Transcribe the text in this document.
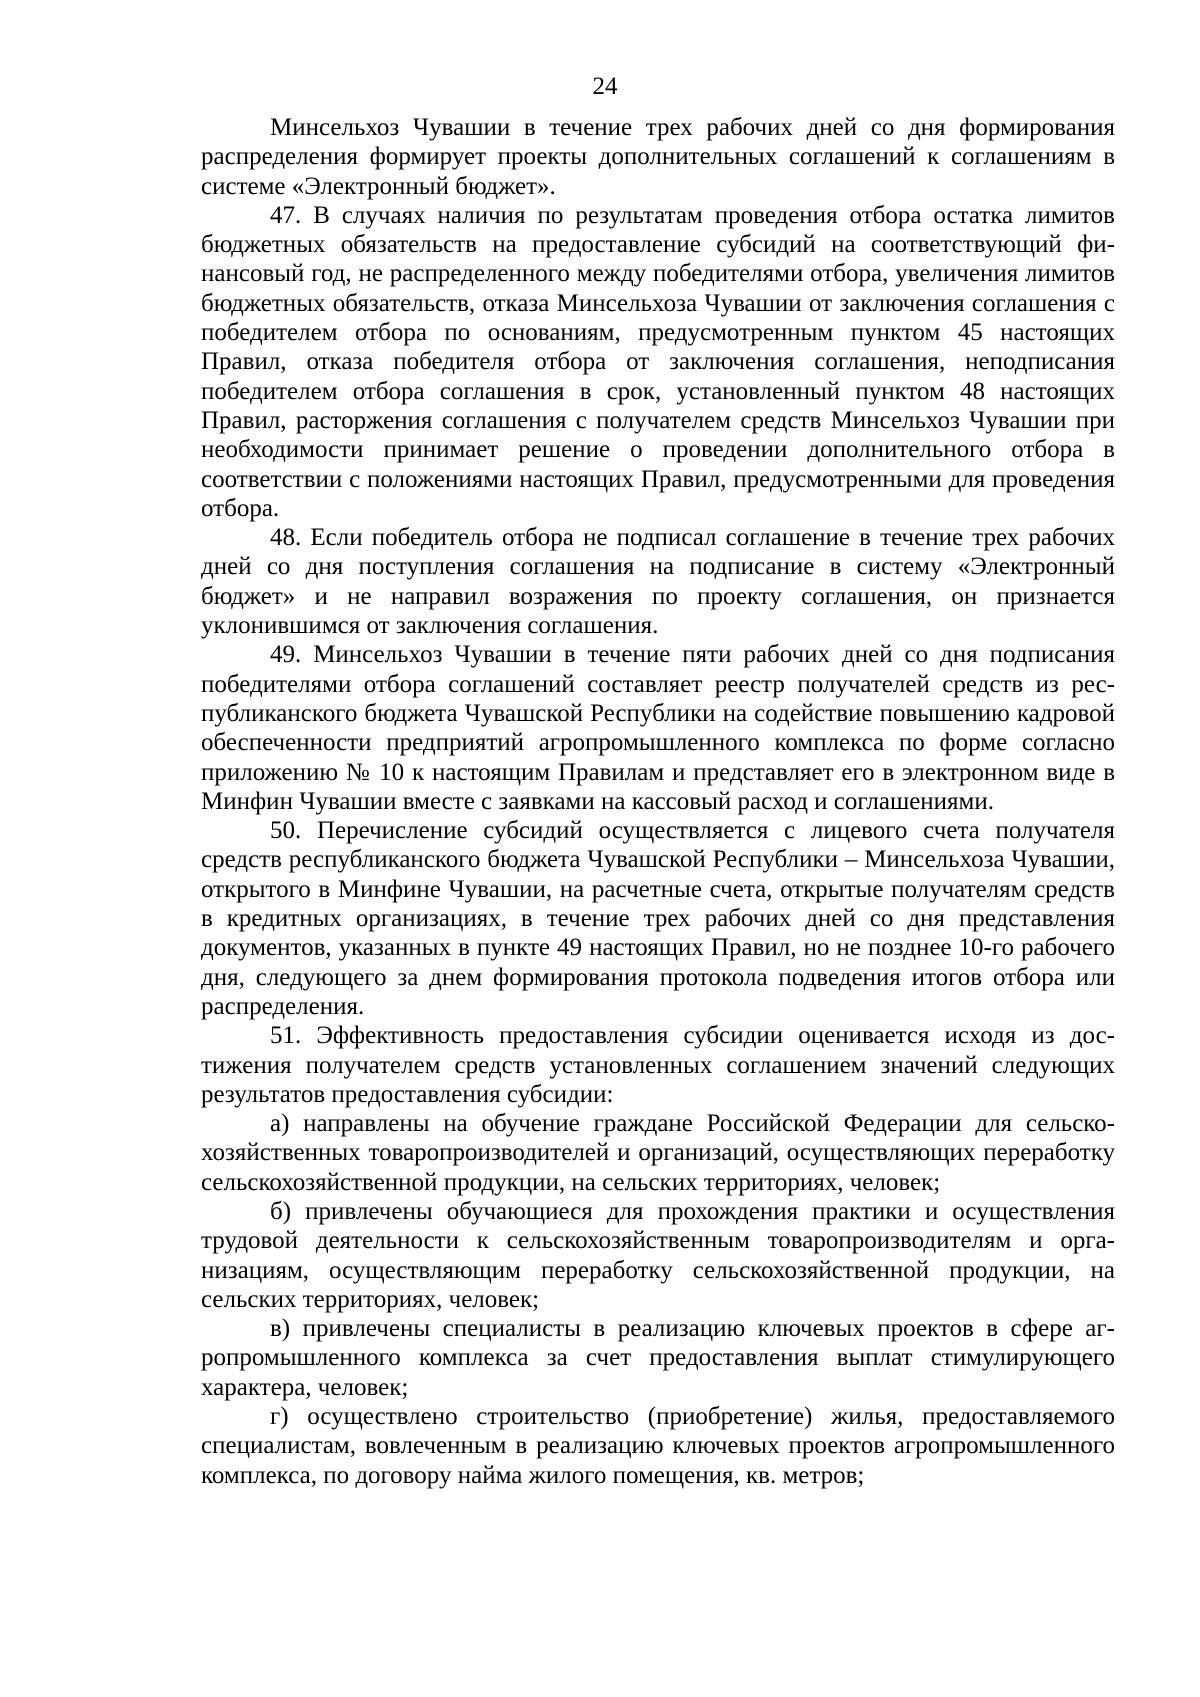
24

Минсельхоз Чувашии в течение трех рабочих дней со дня формирования распределения формирует проекты дополнительных соглашений к соглашениям в системе «Электронный бюджет».

47. В случаях наличия по результатам проведения отбора остатка лимитов бюджетных обязательств на предоставление субсидий на соответствующий финансовый год, не распределенного между победителями отбора, увеличения лимитов бюджетных обязательств, отказа Минсельхоза Чувашии от заключения соглашения с победителем отбора по основаниям, предусмотренным пунктом 45 настоящих Правил, отказа победителя отбора от заключения соглашения, неподписания победителем отбора соглашения в срок, установленный пунктом 48 настоящих Правил, расторжения соглашения с получателем средств Минсельхоз Чувашии при необходимости принимает решение о проведении дополнительного отбора в соответствии с положениями настоящих Правил, предусмотренными для проведения отбора.

48. Если победитель отбора не подписал соглашение в течение трех рабочих дней со дня поступления соглашения на подписание в систему «Электронный бюджет» и не направил возражения по проекту соглашения, он признается уклонившимся от заключения соглашения.

49. Минсельхоз Чувашии в течение пяти рабочих дней со дня подписания победителями отбора соглашений составляет реестр получателей средств из республиканского бюджета Чувашской Республики на содействие повышению кадровой обеспеченности предприятий агропромышленного комплекса по форме согласно приложению № 10 к настоящим Правилам и представляет его в электронном виде в Минфин Чувашии вместе с заявками на кассовый расход и соглашениями.

50. Перечисление субсидий осуществляется с лицевого счета получателя средств республиканского бюджета Чувашской Республики – Минсельхоза Чувашии, открытого в Минфине Чувашии, на расчетные счета, открытые получателям средств в кредитных организациях, в течение трех рабочих дней со дня представления документов, указанных в пункте 49 настоящих Правил, но не позднее 10-го рабочего дня, следующего за днем формирования протокола подведения итогов отбора или распределения.

51. Эффективность предоставления субсидии оценивается исходя из достижения получателем средств установленных соглашением значений следующих результатов предоставления субсидии:

а) направлены на обучение граждане Российской Федерации для сельскохозяйственных товаропроизводителей и организаций, осуществляющих переработку сельскохозяйственной продукции, на сельских территориях, человек;

б) привлечены обучающиеся для прохождения практики и осуществления трудовой деятельности к сельскохозяйственным товаропроизводителям и организациям, осуществляющим переработку сельскохозяйственной продукции, на сельских территориях, человек;

в) привлечены специалисты в реализацию ключевых проектов в сфере агропромышленного комплекса за счет предоставления выплат стимулирующего характера, человек;

г) осуществлено строительство (приобретение) жилья, предоставляемого специалистам, вовлеченным в реализацию ключевых проектов агропромышленного комплекса, по договору найма жилого помещения, кв. метров;
